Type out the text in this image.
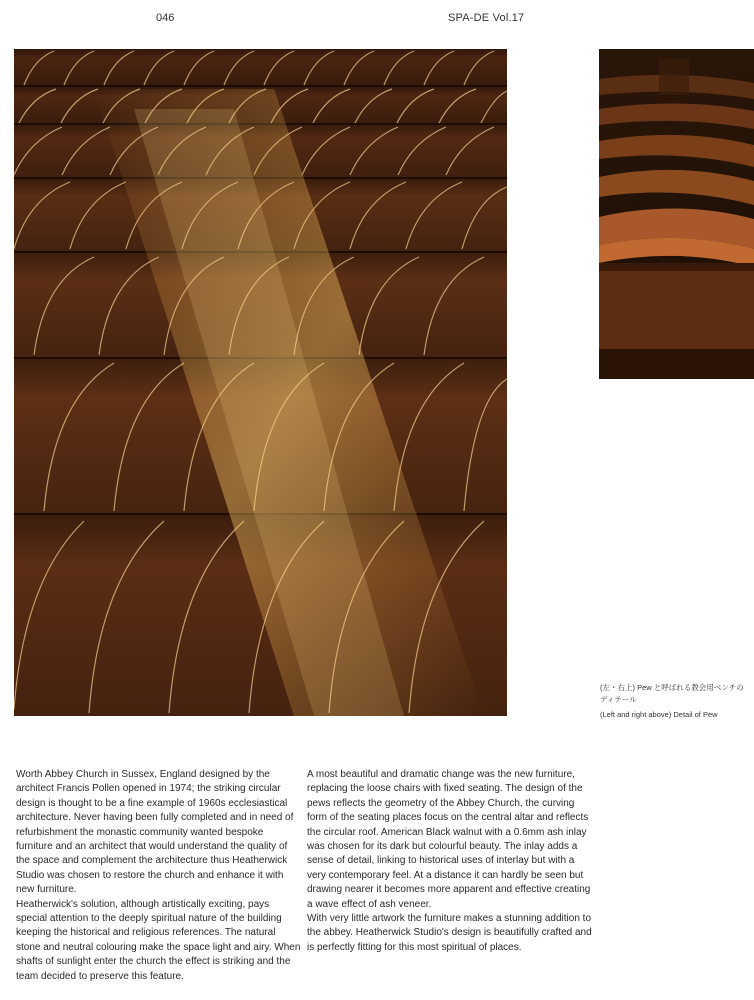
046	SPA-DE Vol.17
(左・右上) Pew と呼ばれる教会用ベンチのディテール
(Left and right above) Detail of Pew

Worth Abbey Church in Sussex, England designed by the architect Francis Pollen opened in 1974; the striking circular design is thought to be a fine example of 1960s ecclesiastical architecture. Never having been fully completed and in need of refurbishment the monastic community wanted bespoke furniture and an architect that would understand the quality of the space and complement the architecture thus Heatherwick Studio was chosen to restore the church and enhance it with new furniture.

Heatherwick's solution, although artistically exciting, pays special attention to the deeply spiritual nature of the building keeping the historical and religious references. The natural stone and neutral colouring make the space light and airy. When shafts of sunlight enter the church the effect is striking and the team decided to preserve this feature.

A most beautiful and dramatic change was the new furniture, replacing the loose chairs with fixed seating. The design of the pews reflects the geometry of the Abbey Church, the curving form of the seating places focus on the central altar and reflects the circular roof. American Black walnut with a 0.6mm ash inlay was chosen for its dark but colourful beauty. The inlay adds a sense of detail, linking to historical uses of interlay but with a very contemporary feel. At a distance it can hardly be seen but drawing nearer it becomes more apparent and effective creating a wave effect of ash veneer.

With very little artwork the furniture makes a stunning addition to the abbey. Heatherwick Studio's design is beautifully crafted and is perfectly fitting for this most spiritual of places.
